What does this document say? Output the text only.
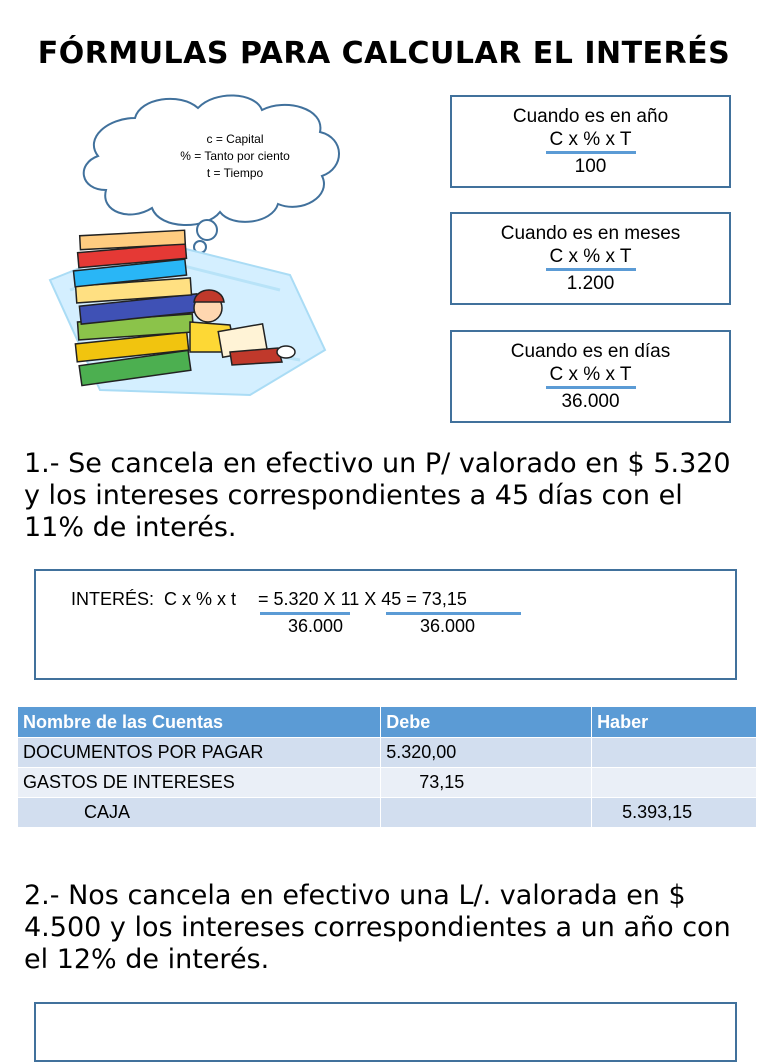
FÓRMULAS PARA CALCULAR EL INTERÉS
c = Capital
% = Tanto por ciento
t = Tiempo
Cuando es en año
C x % x T
100
Cuando es en meses
C x % x T
1.200
Cuando es en días
C x % x T
36.000
1.- Se cancela en efectivo un P/ valorado en $ 5.320 y los intereses correspondientes a 45 días con el 11% de interés.
INTERÉS:  C x % x t = 5.320 X 11 X 45 = 73,15
36.000	36.000
Nombre de las Cuentas	Debe	Haber
DOCUMENTOS POR PAGAR	5.320,00	
GASTOS DE INTERESES	73,15	
CAJA		5.393,15
2.- Nos cancela en efectivo una L/. valorada en $ 4.500 y los intereses correspondientes a un año con el 12% de interés.
